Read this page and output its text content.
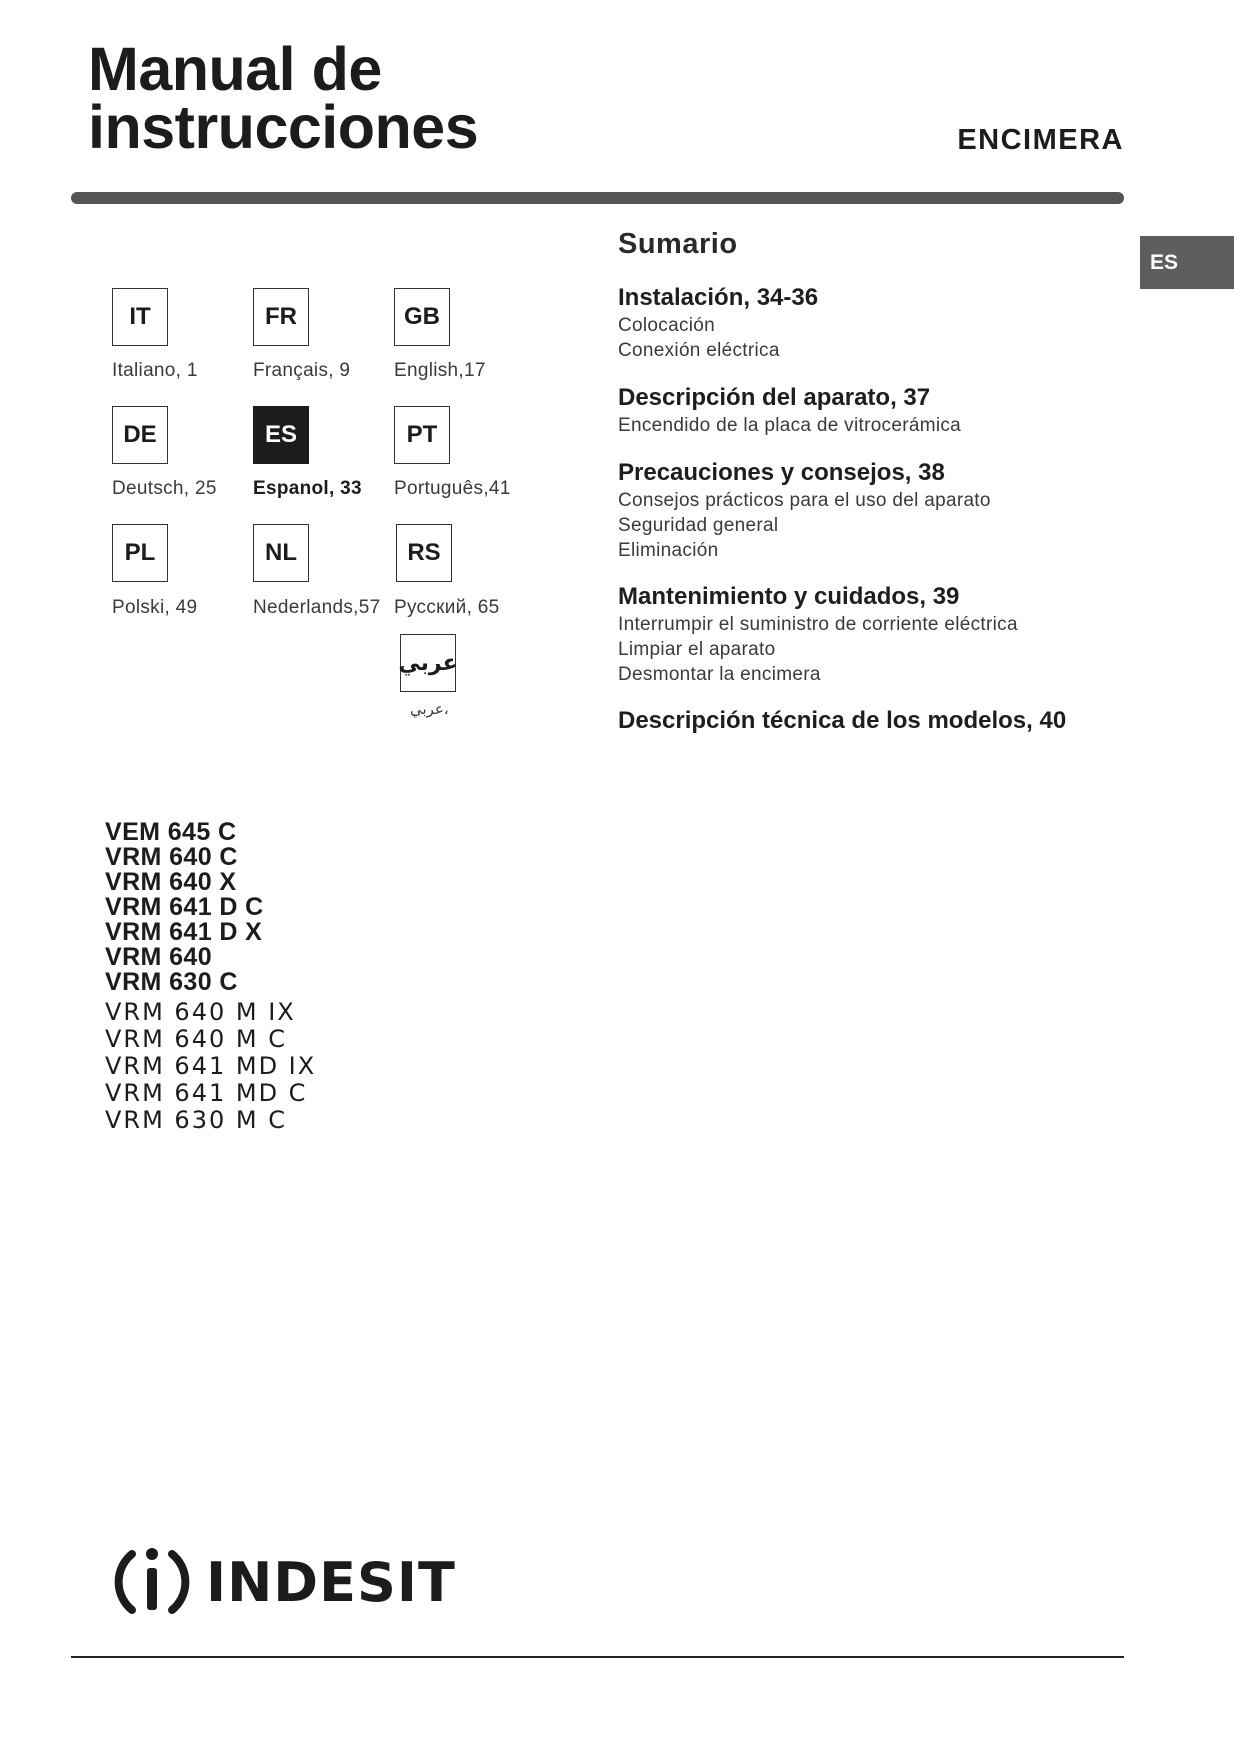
Manual de
instrucciones	ENCIMERA
ES
IT
Italiano, 1
FR
Français, 9
GB
English,17
DE
Deutsch, 25
ES
Espanol, 33
PT
Português,41
PL
Polski, 49
NL
Nederlands,57
RS
Русский, 65
عربي
عربي،
Sumario
Instalación, 34-36
Colocación
Conexión eléctrica
Descripción del aparato, 37
Encendido de la placa de vitrocerámica
Precauciones y consejos, 38
Consejos prácticos para el uso del aparato
Seguridad general
Eliminación
Mantenimiento y cuidados, 39
Interrumpir el suministro de corriente eléctrica
Limpiar el aparato
Desmontar la encimera
Descripción técnica de los modelos, 40
VEM 645 C
VRM 640 C
VRM 640 X
VRM 641 D C
VRM 641 D X
VRM 640
VRM 630 C
VRM 640 M IX
VRM 640 M C
VRM 641 MD IX
VRM 641 MD C
VRM 630 M C
INDESIT
